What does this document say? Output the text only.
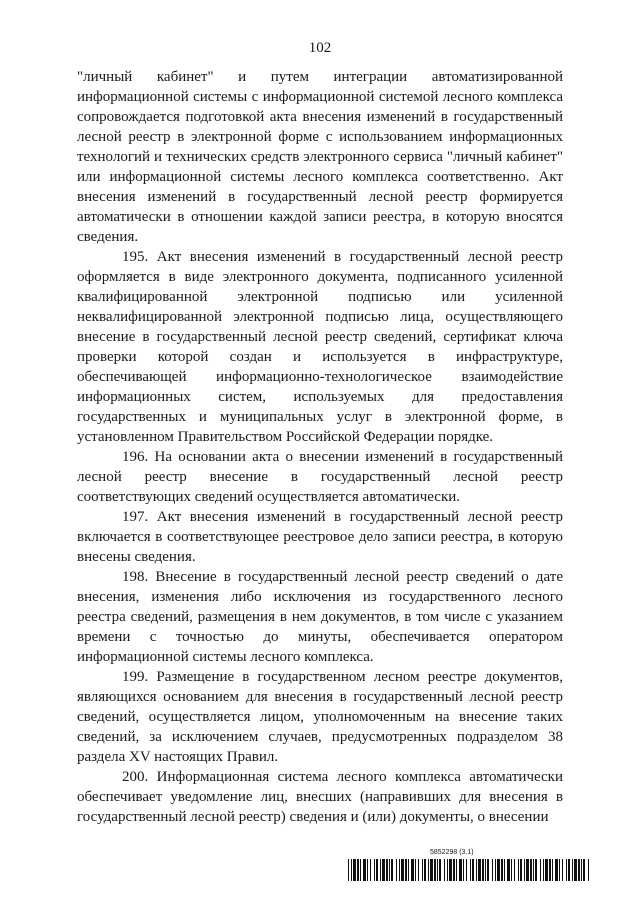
102

"личный кабинет" и путем интеграции автоматизированной информационной системы с информационной системой лесного комплекса сопровождается подготовкой акта внесения изменений в государственный лесной реестр в электронной форме с использованием информационных технологий и технических средств электронного сервиса "личный кабинет" или информационной системы лесного комплекса соответственно. Акт внесения изменений в государственный лесной реестр формируется автоматически в отношении каждой записи реестра, в которую вносятся сведения.

195. Акт внесения изменений в государственный лесной реестр оформляется в виде электронного документа, подписанного усиленной квалифицированной электронной подписью или усиленной неквалифицированной электронной подписью лица, осуществляющего внесение в государственный лесной реестр сведений, сертификат ключа проверки которой создан и используется в инфраструктуре, обеспечивающей информационно-технологическое взаимодействие информационных систем, используемых для предоставления государственных и муниципальных услуг в электронной форме, в установленном Правительством Российской Федерации порядке.

196. На основании акта о внесении изменений в государственный лесной реестр внесение в государственный лесной реестр соответствующих сведений осуществляется автоматически.

197. Акт внесения изменений в государственный лесной реестр включается в соответствующее реестровое дело записи реестра, в которую внесены сведения.

198. Внесение в государственный лесной реестр сведений о дате внесения, изменения либо исключения из государственного лесного реестра сведений, размещения в нем документов, в том числе с указанием времени с точностью до минуты, обеспечивается оператором информационной системы лесного комплекса.

199. Размещение в государственном лесном реестре документов, являющихся основанием для внесения в государственный лесной реестр сведений, осуществляется лицом, уполномоченным на внесение таких сведений, за исключением случаев, предусмотренных подразделом 38 раздела XV настоящих Правил.

200. Информационная система лесного комплекса автоматически обеспечивает уведомление лиц, внесших (направивших для внесения в государственный лесной реестр) сведения и (или) документы, о внесении

5852298 (3.1)
